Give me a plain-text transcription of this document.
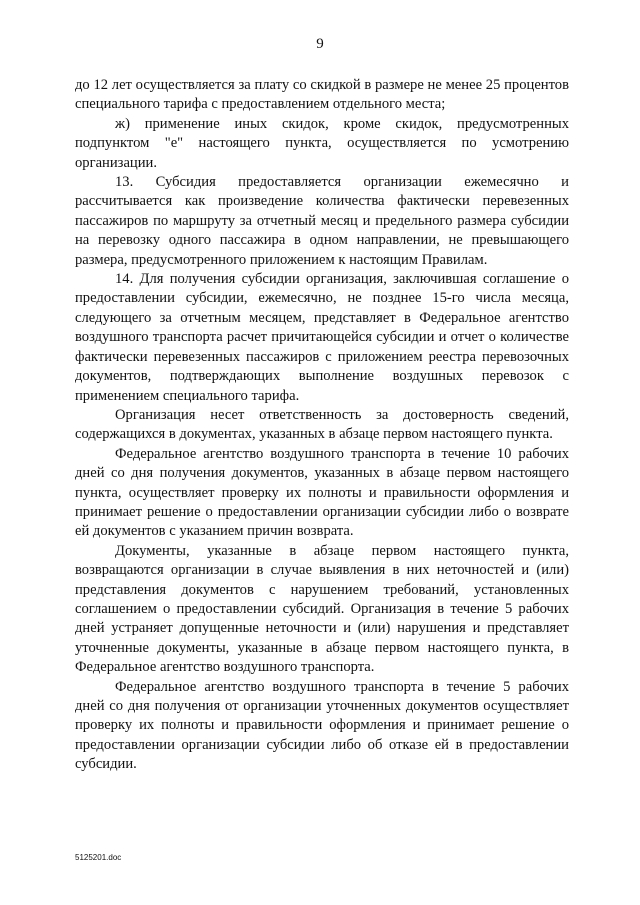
9

до 12 лет осуществляется за плату со скидкой в размере не менее 25 процентов специального тарифа с предоставлением отдельного места;

ж) применение иных скидок, кроме скидок, предусмотренных подпунктом "е" настоящего пункта, осуществляется по усмотрению организации.

13. Субсидия предоставляется организации ежемесячно и рассчитывается как произведение количества фактически перевезенных пассажиров по маршруту за отчетный месяц и предельного размера субсидии на перевозку одного пассажира в одном направлении, не превышающего размера, предусмотренного приложением к настоящим Правилам.

14. Для получения субсидии организация, заключившая соглашение о предоставлении субсидии, ежемесячно, не позднее 15-го числа месяца, следующего за отчетным месяцем, представляет в Федеральное агентство воздушного транспорта расчет причитающейся субсидии и отчет о количестве фактически перевезенных пассажиров с приложением реестра перевозочных документов, подтверждающих выполнение воздушных перевозок с применением специального тарифа.

Организация несет ответственность за достоверность сведений, содержащихся в документах, указанных в абзаце первом настоящего пункта.

Федеральное агентство воздушного транспорта в течение 10 рабочих дней со дня получения документов, указанных в абзаце первом настоящего пункта, осуществляет проверку их полноты и правильности оформления и принимает решение о предоставлении организации субсидии либо о возврате ей документов с указанием причин возврата.

Документы, указанные в абзаце первом настоящего пункта, возвращаются организации в случае выявления в них неточностей и (или) представления документов с нарушением требований, установленных соглашением о предоставлении субсидий. Организация в течение 5 рабочих дней устраняет допущенные неточности и (или) нарушения и представляет уточненные документы, указанные в абзаце первом настоящего пункта, в Федеральное агентство воздушного транспорта.

Федеральное агентство воздушного транспорта в течение 5 рабочих дней со дня получения от организации уточненных документов осуществляет проверку их полноты и правильности оформления и принимает решение о предоставлении организации субсидии либо об отказе ей в предоставлении субсидии.

5125201.doc
